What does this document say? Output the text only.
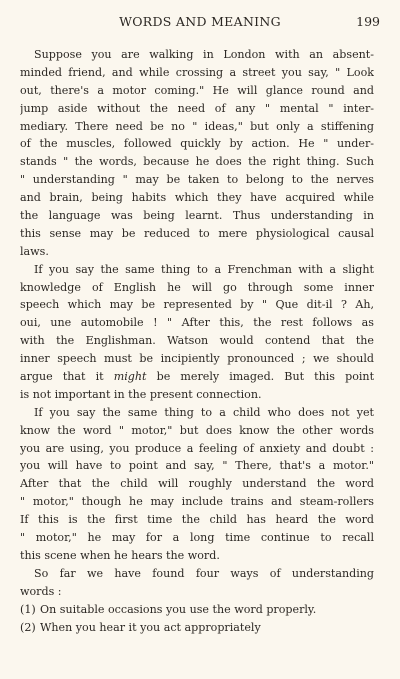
WORDS AND MEANING	199
Suppose you are walking in London with an absent-
minded friend, and while crossing a street you say, " Look
out, there's a motor coming." He will glance round and
jump aside without the need of any " mental " inter-
mediary. There need be no " ideas," but only a stiffening
of the muscles, followed quickly by action. He " under-
stands " the words, because he does the right thing. Such
" understanding " may be taken to belong to the nerves
and brain, being habits which they have acquired while
the language was being learnt. Thus understanding in
this sense may be reduced to mere physiological causal
laws.
If you say the same thing to a Frenchman with a slight
knowledge of English he will go through some inner
speech which may be represented by " Que dit-il ? Ah,
oui, une automobile ! " After this, the rest follows as
with the Englishman. Watson would contend that the
inner speech must be incipiently pronounced ; we should
argue that it might be merely imaged. But this point
is not important in the present connection.
If you say the same thing to a child who does not yet
know the word " motor," but does know the other words
you are using, you produce a feeling of anxiety and doubt :
you will have to point and say, " There, that's a motor."
After that the child will roughly understand the word
" motor," though he may include trains and steam-rollers
If this is the first time the child has heard the word
" motor," he may for a long time continue to recall
this scene when he hears the word.
So far we have found four ways of understanding
words :
(1) On suitable occasions you use the word properly.
(2) When you hear it you act appropriately
